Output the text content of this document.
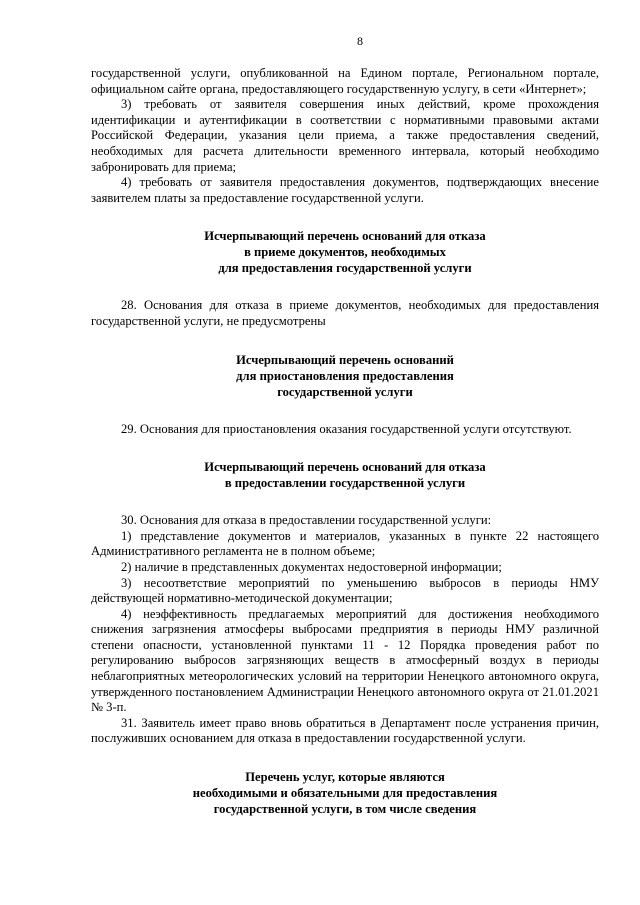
8

государственной услуги, опубликованной на Едином портале, Региональном портале, официальном сайте органа, предоставляющего государственную услугу, в сети «Интернет»;

3) требовать от заявителя совершения иных действий, кроме прохождения идентификации и аутентификации в соответствии с нормативными правовыми актами Российской Федерации, указания цели приема, а также предоставления сведений, необходимых для расчета длительности временного интервала, который необходимо забронировать для приема;

4) требовать от заявителя предоставления документов, подтверждающих внесение заявителем платы за предоставление государственной услуги.

Исчерпывающий перечень оснований для отказа
в приеме документов, необходимых
для предоставления государственной услуги

28. Основания для отказа в приеме документов, необходимых для предоставления государственной услуги, не предусмотрены

Исчерпывающий перечень оснований
для приостановления предоставления
государственной услуги

29. Основания для приостановления оказания государственной услуги отсутствуют.

Исчерпывающий перечень оснований для отказа
в предоставлении государственной услуги

30. Основания для отказа в предоставлении государственной услуги:

1) представление документов и материалов, указанных в пункте 22 настоящего Административного регламента не в полном объеме;

2) наличие в представленных документах недостоверной информации;

3) несоответствие мероприятий по уменьшению выбросов в периоды НМУ действующей нормативно-методической документации;

4) неэффективность предлагаемых мероприятий для достижения необходимого снижения загрязнения атмосферы выбросами предприятия в периоды НМУ различной степени опасности, установленной пунктами 11 - 12 Порядка проведения работ по регулированию выбросов загрязняющих веществ в атмосферный воздух в периоды неблагоприятных метеорологических условий на территории Ненецкого автономного округа, утвержденного постановлением Администрации Ненецкого автономного округа от 21.01.2021 № 3-п.

31. Заявитель имеет право вновь обратиться в Департамент после устранения причин, послуживших основанием для отказа в предоставлении государственной услуги.

Перечень услуг, которые являются
необходимыми и обязательными для предоставления
государственной услуги, в том числе сведения
